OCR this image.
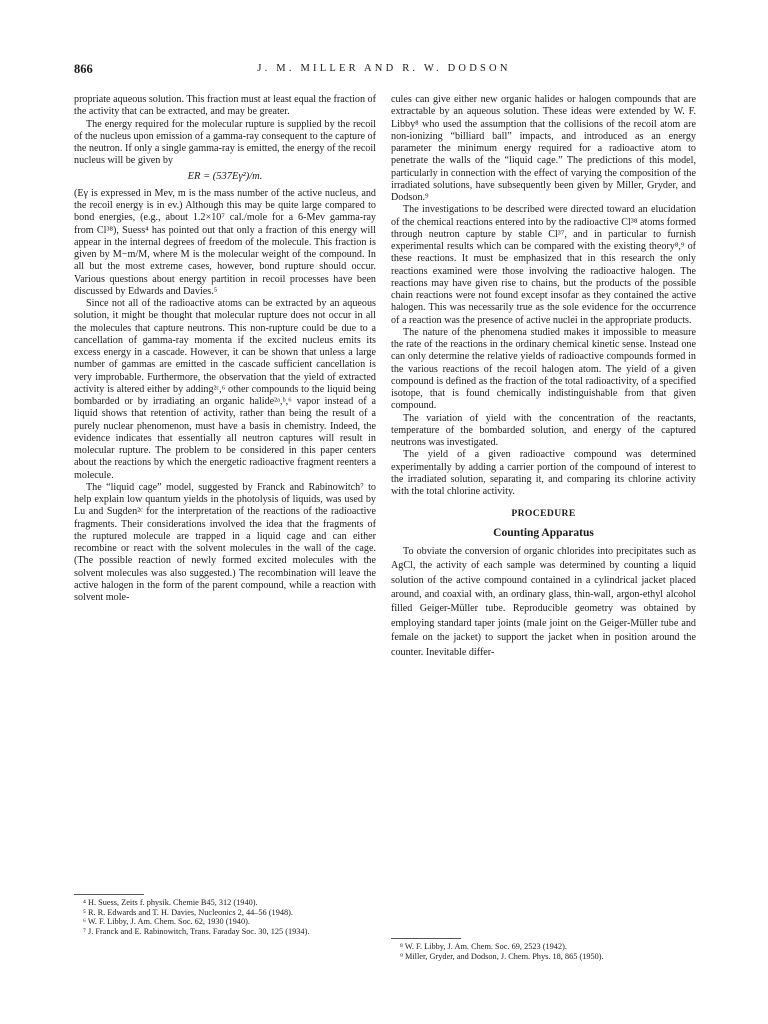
866	J. M. MILLER AND R. W. DODSON

propriate aqueous solution. This fraction must at least equal the fraction of the activity that can be extracted, and may be greater.

The energy required for the molecular rupture is supplied by the recoil of the nucleus upon emission of a gamma-ray consequent to the capture of the neutron. If only a single gamma-ray is emitted, the energy of the recoil nucleus will be given by

ER = (537Eγ²)/m.

(Eγ is expressed in Mev, m is the mass number of the active nucleus, and the recoil energy is in ev.) Although this may be quite large compared to bond energies, (e.g., about 1.2×10⁷ cal./mole for a 6-Mev gamma-ray from Cl³⁸), Suess⁴ has pointed out that only a fraction of this energy will appear in the internal degrees of freedom of the molecule. This fraction is given by M−m/M, where M is the molecular weight of the compound. In all but the most extreme cases, however, bond rupture should occur. Various questions about energy partition in recoil processes have been discussed by Edwards and Davies.⁵

Since not all of the radioactive atoms can be extracted by an aqueous solution, it might be thought that molecular rupture does not occur in all the molecules that capture neutrons. This non-rupture could be due to a cancellation of gamma-ray momenta if the excited nucleus emits its excess energy in a cascade. However, it can be shown that unless a large number of gammas are emitted in the cascade sufficient cancellation is very improbable. Furthermore, the observation that the yield of extracted activity is altered either by adding²ᶜ,⁶ other compounds to the liquid being bombarded or by irradiating an organic halide²ᵃ,ᵇ,⁶ vapor instead of a liquid shows that retention of activity, rather than being the result of a purely nuclear phenomenon, must have a basis in chemistry. Indeed, the evidence indicates that essentially all neutron captures will result in molecular rupture. The problem to be considered in this paper centers about the reactions by which the energetic radioactive fragment reenters a molecule.

The “liquid cage” model, suggested by Franck and Rabinowitch⁷ to help explain low quantum yields in the photolysis of liquids, was used by Lu and Sugden²ᶜ for the interpretation of the reactions of the radioactive fragments. Their considerations involved the idea that the fragments of the ruptured molecule are trapped in a liquid cage and can either recombine or react with the solvent molecules in the wall of the cage. (The possible reaction of newly formed excited molecules with the solvent molecules was also suggested.) The recombination will leave the active halogen in the form of the parent compound, while a reaction with solvent mole-

cules can give either new organic halides or halogen compounds that are extractable by an aqueous solution. These ideas were extended by W. F. Libby⁸ who used the assumption that the collisions of the recoil atom are non-ionizing “billiard ball” impacts, and introduced as an energy parameter the minimum energy required for a radioactive atom to penetrate the walls of the “liquid cage.” The predictions of this model, particularly in connection with the effect of varying the composition of the irradiated solutions, have subsequently been given by Miller, Gryder, and Dodson.⁹

The investigations to be described were directed toward an elucidation of the chemical reactions entered into by the radioactive Cl³⁸ atoms formed through neutron capture by stable Cl³⁷, and in particular to furnish experimental results which can be compared with the existing theory⁸,⁹ of these reactions. It must be emphasized that in this research the only reactions examined were those involving the radioactive halogen. The reactions may have given rise to chains, but the products of the possible chain reactions were not found except insofar as they contained the active halogen. This was necessarily true as the sole evidence for the occurrence of a reaction was the presence of active nuclei in the appropriate products.

The nature of the phenomena studied makes it impossible to measure the rate of the reactions in the ordinary chemical kinetic sense. Instead one can only determine the relative yields of radioactive compounds formed in the various reactions of the recoil halogen atom. The yield of a given compound is defined as the fraction of the total radioactivity, of a specified isotope, that is found chemically indistinguishable from that given compound.

The variation of yield with the concentration of the reactants, temperature of the bombarded solution, and energy of the captured neutrons was investigated.

The yield of a given radioactive compound was determined experimentally by adding a carrier portion of the compound of interest to the irradiated solution, separating it, and comparing its chlorine activity with the total chlorine activity.

PROCEDURE
Counting Apparatus

To obviate the conversion of organic chlorides into precipitates such as AgCl, the activity of each sample was determined by counting a liquid solution of the active compound contained in a cylindrical jacket placed around, and coaxial with, an ordinary glass, thin-wall, argon-ethyl alcohol filled Geiger-Müller tube. Reproducible geometry was obtained by employing standard taper joints (male joint on the Geiger-Müller tube and female on the jacket) to support the jacket when in position around the counter. Inevitable differ-

⁴ H. Suess, Zeits f. physik. Chemie B45, 312 (1940).

⁵ R. R. Edwards and T. H. Davies, Nucleonics 2, 44–56 (1948).

⁶ W. F. Libby, J. Am. Chem. Soc. 62, 1930 (1940).

⁷ J. Franck and E. Rabinowitch, Trans. Faraday Soc. 30, 125 (1934).

⁸ W. F. Libby, J. Am. Chem. Soc. 69, 2523 (1942).

⁹ Miller, Gryder, and Dodson, J. Chem. Phys. 18, 865 (1950).
